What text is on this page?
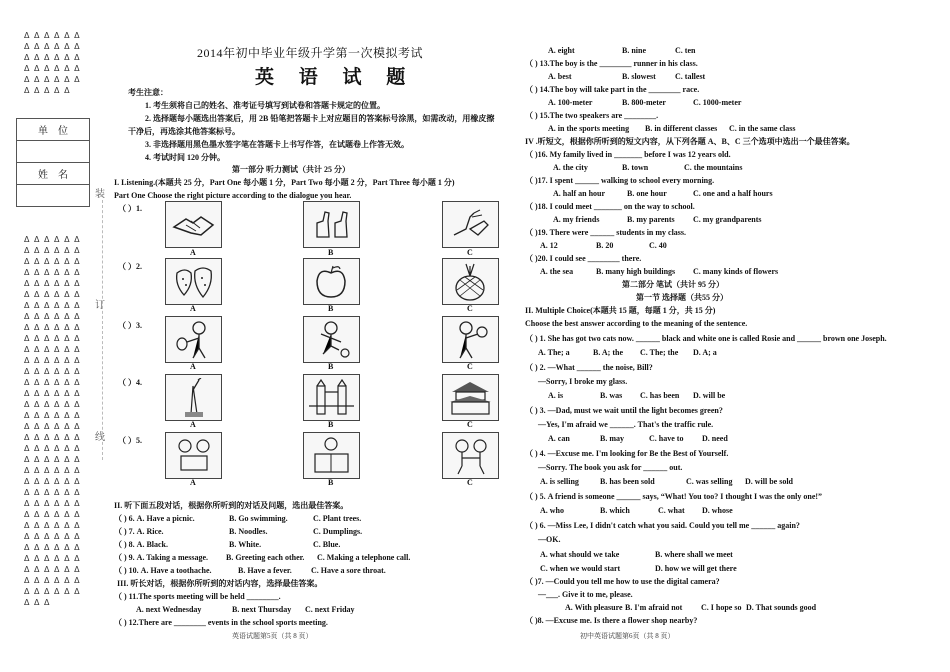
Δ Δ Δ Δ Δ Δ
Δ Δ Δ Δ Δ Δ
Δ Δ Δ Δ Δ Δ
Δ Δ Δ Δ Δ Δ
Δ Δ Δ Δ Δ Δ
Δ Δ Δ Δ Δ
单　位

姓　名

Δ Δ Δ Δ Δ Δ
Δ Δ Δ Δ Δ Δ
Δ Δ Δ Δ Δ Δ
Δ Δ Δ Δ Δ Δ
Δ Δ Δ Δ Δ Δ
Δ Δ Δ Δ Δ Δ
Δ Δ Δ Δ Δ Δ
Δ Δ Δ Δ Δ Δ
Δ Δ Δ Δ Δ Δ
Δ Δ Δ Δ Δ Δ
Δ Δ Δ Δ Δ Δ
Δ Δ Δ Δ Δ Δ
Δ Δ Δ Δ Δ Δ
Δ Δ Δ Δ Δ Δ
Δ Δ Δ Δ Δ Δ
Δ Δ Δ Δ Δ Δ
Δ Δ Δ Δ Δ Δ
Δ Δ Δ Δ Δ Δ
Δ Δ Δ Δ Δ Δ
Δ Δ Δ Δ Δ Δ
Δ Δ Δ Δ Δ Δ
Δ Δ Δ Δ Δ Δ
Δ Δ Δ Δ Δ Δ
Δ Δ Δ Δ Δ Δ
Δ Δ Δ Δ Δ Δ
Δ Δ Δ Δ Δ Δ
Δ Δ Δ Δ Δ Δ
Δ Δ Δ Δ Δ Δ
Δ Δ Δ Δ Δ Δ
Δ Δ Δ Δ Δ Δ
Δ Δ Δ Δ Δ Δ
Δ Δ Δ Δ Δ Δ
Δ Δ Δ Δ Δ Δ
Δ Δ Δ
装
订
线
2014年初中毕业年级升学第一次模拟考试
英 语 试 题
考生注意：
1. 考生须将自己的姓名、准考证号填写到试卷和答题卡规定的位置。
2. 选择题每小题选出答案后，用 2B 铅笔把答题卡上对应题目的答案标号涂黑，如需改动，用橡皮擦
干净后，再选涂其他答案标号。
3. 非选择题用黑色墨水签字笔在答题卡上书写作答，在试题卷上作答无效。
4. 考试时间 120 分钟。
第一部分 听力测试（共计 25 分）
I. Listening.(本题共 25 分，Part One 每小题 1 分，Part Two 每小题 2 分，Part Three 每小题 1 分)
Part One Choose the right picture according to the dialogue you hear.
（ ）1.
A	B	C
（ ）2.
A	B	C
（ ）3.
A	B	C
（ ）4.
A	B	C
（ ）5.
A	B	C
II. 听下面五段对话，根据你所听到的对话及问题，选出最佳答案。
（ ) 6. A. Have a picnic.	B. Go swimming.	C. Plant trees.
（ ) 7. A. Rice.	B. Noodles.	C. Dumplings.
（ ) 8. A. Black.	B. White.	C. Blue.
（ ) 9. A. Taking a message. B. Greeting each other. C. Making a telephone call.
（ ) 10. A. Have a toothache.	B. Have a fever. C. Have a sore throat.
III. 听长对话，根据你所听到的对话内容，选择最佳答案。
（ ) 11.The sports meeting will be held ________.
A. next Wednesday	B. next Thursday C. next Friday
（ ) 12.There are ________ events in the school sports meeting.
英语试题第5页（共 8 页）
A. eight	B. nine	C. ten
（ ) 13.The boy is the ________ runner in his class.
A. best	B. slowest C. tallest
（ ) 14.The boy will take part in the ________ race.
A. 100-meter	B. 800-meter	C. 1000-meter
（ ) 15.The two speakers are ________.
A. in the sports meeting B. in different classes C. in the same class
IV .听短文，根据你所听到的短文内容，从下列各题 A、B、C 三个选项中选出一个最佳答案。
（ )16. My family lived in _______ before I was 12 years old.
A. the city	B. town	C. the mountains
（ )17. I spent ______ walking to school every morning.
A. half an hour	B. one hour	C. one and a half hours
（ )18. I could meet _______ on the way to school.
A. my friends	B. my parents C. my grandparents
（ )19. There were ______ students in my class.
A. 12	B. 20	C. 40
（ )20. I could see ________ there.
A. the sea	B. many high buildings C. many kinds of flowers
第二部分 笔试（共计 95 分）
第一节 选择题（共55 分）
II. Multiple Choice(本题共 15 题，每题 1 分，共 15 分)
Choose the best answer according to the meaning of the sentence.
（ ) 1. She has got two cats now. ______ black and white one is called Rosie and ______ brown one Joseph.
A. The; a	B. A; the C. The; the D. A; a
（ ) 2. —What ______ the noise, Bill?
—Sorry, I broke my glass.
A. is	B. was C. has been D. will be
（ ) 3. —Dad, must we wait until the light becomes green?
—Yes, I'm afraid we ______. That's the traffic rule.
A. can	B. may	C. have to D. need
（ ) 4. —Excuse me. I'm looking for Be the Best of Yourself.
—Sorry. The book you ask for ______ out.
A. is selling	B. has been sold	C. was selling D. will be sold
（ ) 5. A friend is someone ______ says, “What! You too? I thought I was the only one!”
A. who	B. which	C. what D. whose
（ ) 6. —Miss Lee, I didn't catch what you said. Could you tell me ______ again?
—OK.
A. what should we take	B. where shall we meet
C. when we would start	D. how we will get there
（ )7. —Could you tell me how to use the digital camera?
—___. Give it to me, please.
A. With pleasure B. I'm afraid not C. I hope so D. That sounds good
（ )8. —Excuse me. Is there a flower shop nearby?
初中英语试题第6页（共 8 页）
